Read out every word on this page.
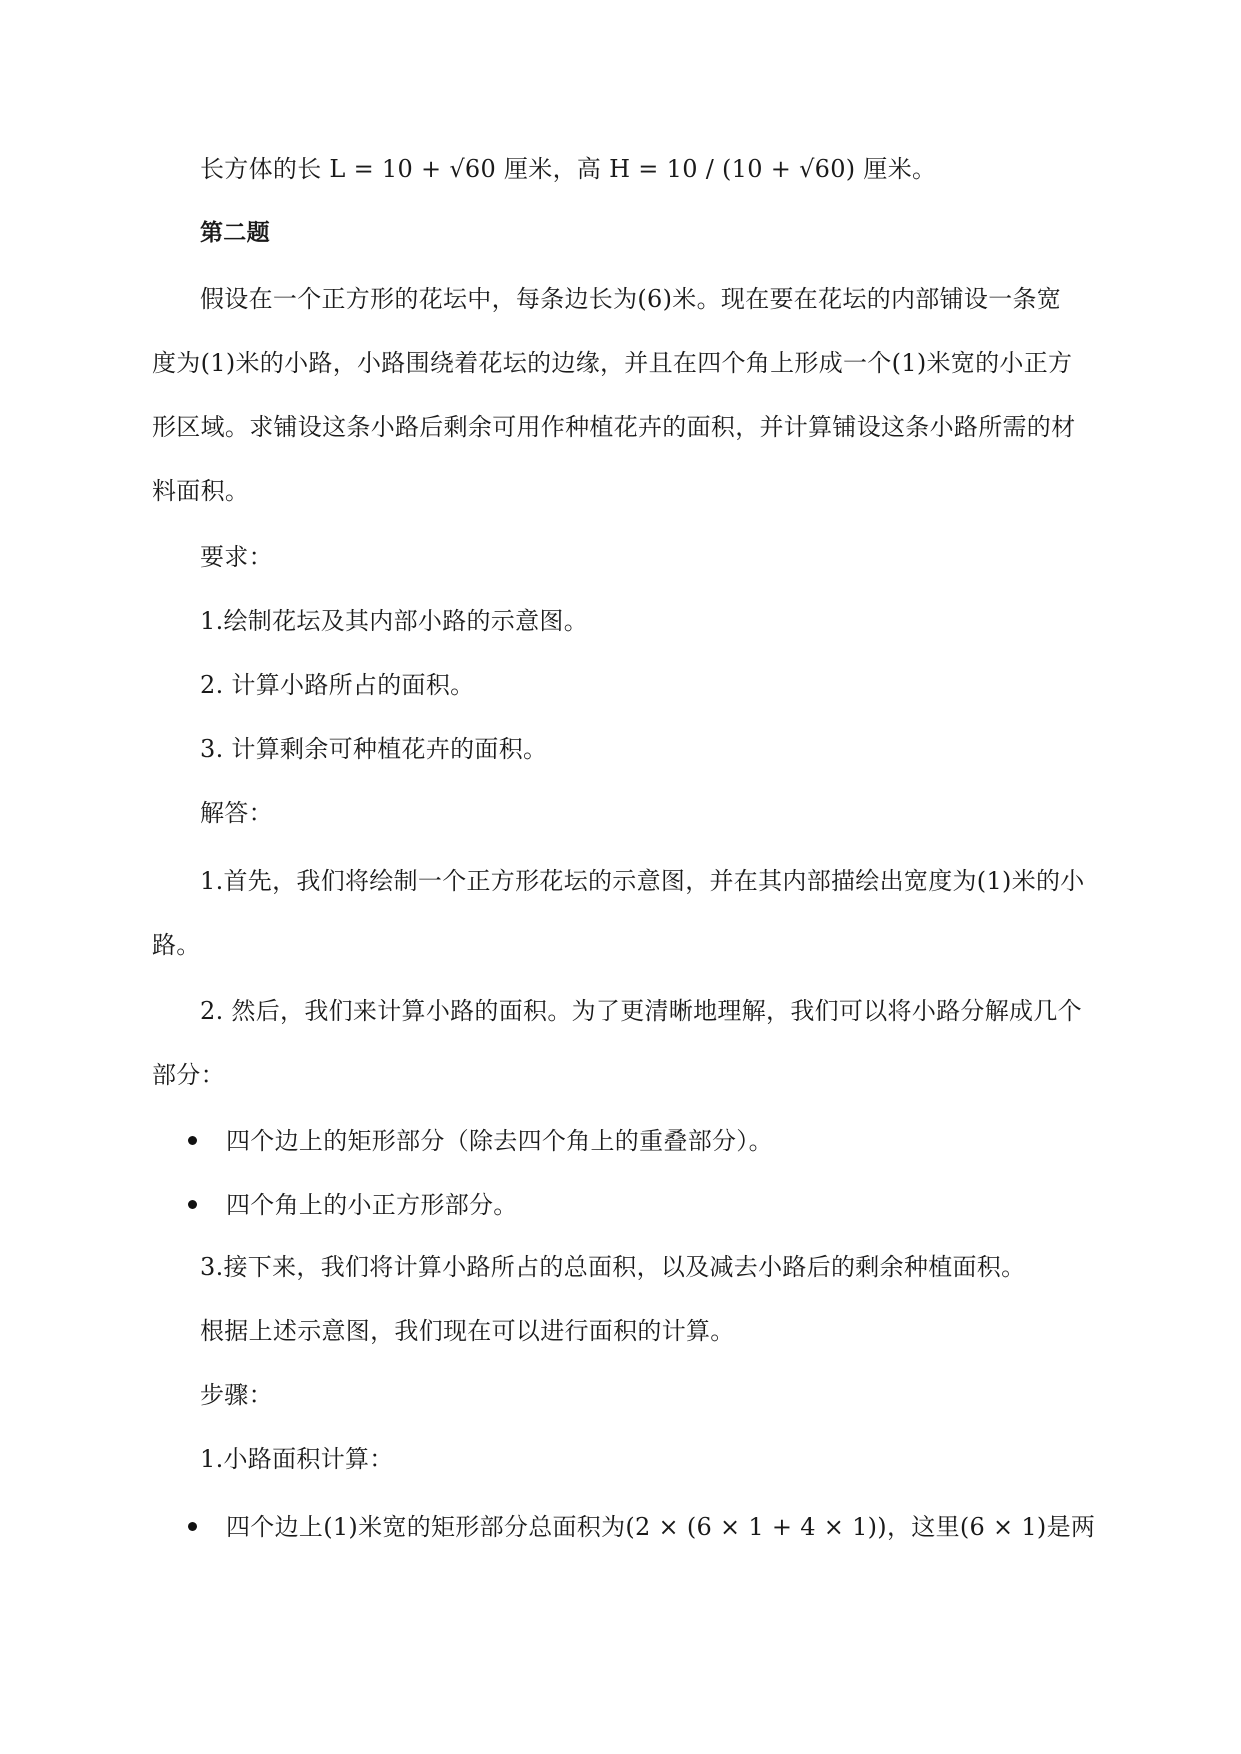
长方体的长 L = 10 + √60 厘米，高 H = 10 / (10 + √60) 厘米。
第二题
假设在一个正方形的花坛中，每条边长为(6)米。现在要在花坛的内部铺设一条宽
度为(1)米的小路，小路围绕着花坛的边缘，并且在四个角上形成一个(1)米宽的小正方
形区域。求铺设这条小路后剩余可用作种植花卉的面积，并计算铺设这条小路所需的材
料面积。
要求：
1.绘制花坛及其内部小路的示意图。
2. 计算小路所占的面积。
3. 计算剩余可种植花卉的面积。
解答：
1.首先，我们将绘制一个正方形花坛的示意图，并在其内部描绘出宽度为(1)米的小
路。
2. 然后，我们来计算小路的面积。为了更清晰地理解，我们可以将小路分解成几个
部分：
四个边上的矩形部分（除去四个角上的重叠部分）。
四个角上的小正方形部分。
3.接下来，我们将计算小路所占的总面积，以及减去小路后的剩余种植面积。
根据上述示意图，我们现在可以进行面积的计算。
步骤：
1.小路面积计算：
四个边上(1)米宽的矩形部分总面积为(2 × (6 × 1 + 4 × 1))，这里(6 × 1)是两
